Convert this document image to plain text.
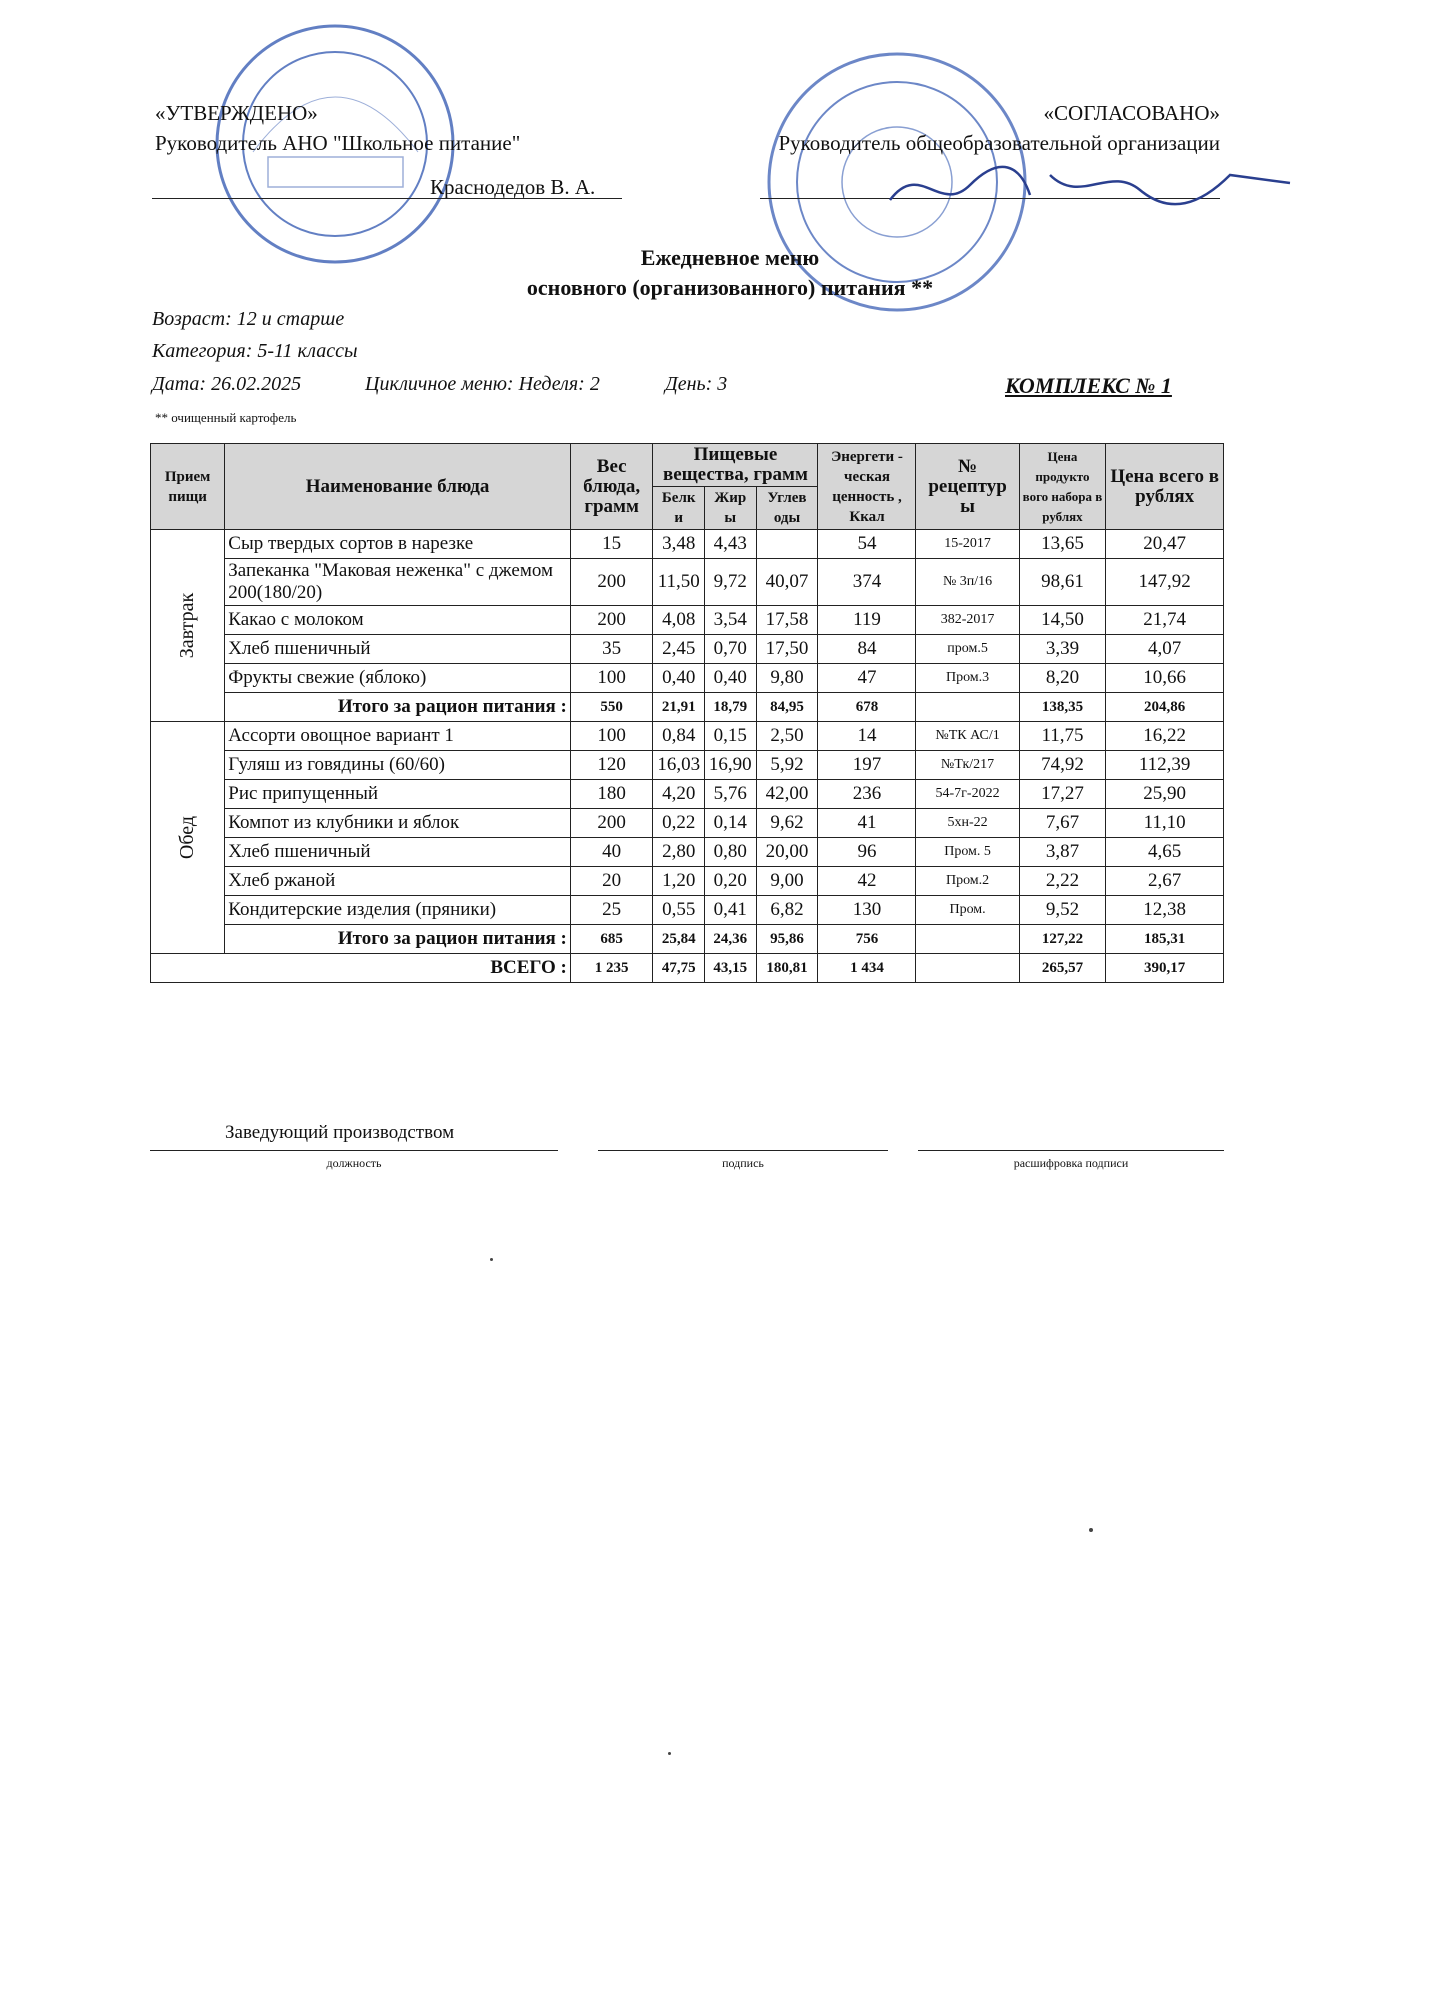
«УТВЕРЖДЕНО»
Руководитель АНО "Школьное питание"
Краснодедов В. А.
«СОГЛАСОВАНО»
Руководитель общеобразовательной организации
Ежедневное меню
основного (организованного) питания **
Возраст: 12 и старше
Категория: 5-11 классы
Дата: 26.02.2025	Цикличное меню: Неделя: 2	День: 3	КОМПЛЕКС № 1
** очищенный картофель
Прием пищи	Наименование блюда	Вес блюда, грамм	Пищевые вещества, грамм			Энергети - ческая ценность , Ккал	№ рецептур ы	Цена продукто вого набора в рублях	Цена всего в рублях
			Белк и	Жир ы	Углев оды				
Завтрак	Сыр твердых сортов в нарезке	15	3,48	4,43		54	15-2017	13,65	20,47
	Запеканка "Маковая неженка" с джемом 200(180/20)	200	11,50	9,72	40,07	374	№ 3п/16	98,61	147,92
	Какао с молоком	200	4,08	3,54	17,58	119	382-2017	14,50	21,74
	Хлеб пшеничный	35	2,45	0,70	17,50	84	пром.5	3,39	4,07
	Фрукты свежие (яблоко)	100	0,40	0,40	9,80	47	Пром.3	8,20	10,66
	Итого за рацион питания :	550	21,91	18,79	84,95	678		138,35	204,86
Обед	Ассорти овощное вариант 1	100	0,84	0,15	2,50	14	№ТК АС/1	11,75	16,22
	Гуляш из говядины (60/60)	120	16,03	16,90	5,92	197	№Тк/217	74,92	112,39
	Рис припущенный	180	4,20	5,76	42,00	236	54-7г-2022	17,27	25,90
	Компот из клубники и яблок	200	0,22	0,14	9,62	41	5хн-22	7,67	11,10
	Хлеб пшеничный	40	2,80	0,80	20,00	96	Пром. 5	3,87	4,65
	Хлеб ржаной	20	1,20	0,20	9,00	42	Пром.2	2,22	2,67
	Кондитерские изделия (пряники)	25	0,55	0,41	6,82	130	Пром.	9,52	12,38
	Итого за рацион питания :	685	25,84	24,36	95,86	756		127,22	185,31
ВСЕГО :		1 235	47,75	43,15	180,81	1 434		265,57	390,17
Заведующий производством
должность	подпись	расшифровка подписи
